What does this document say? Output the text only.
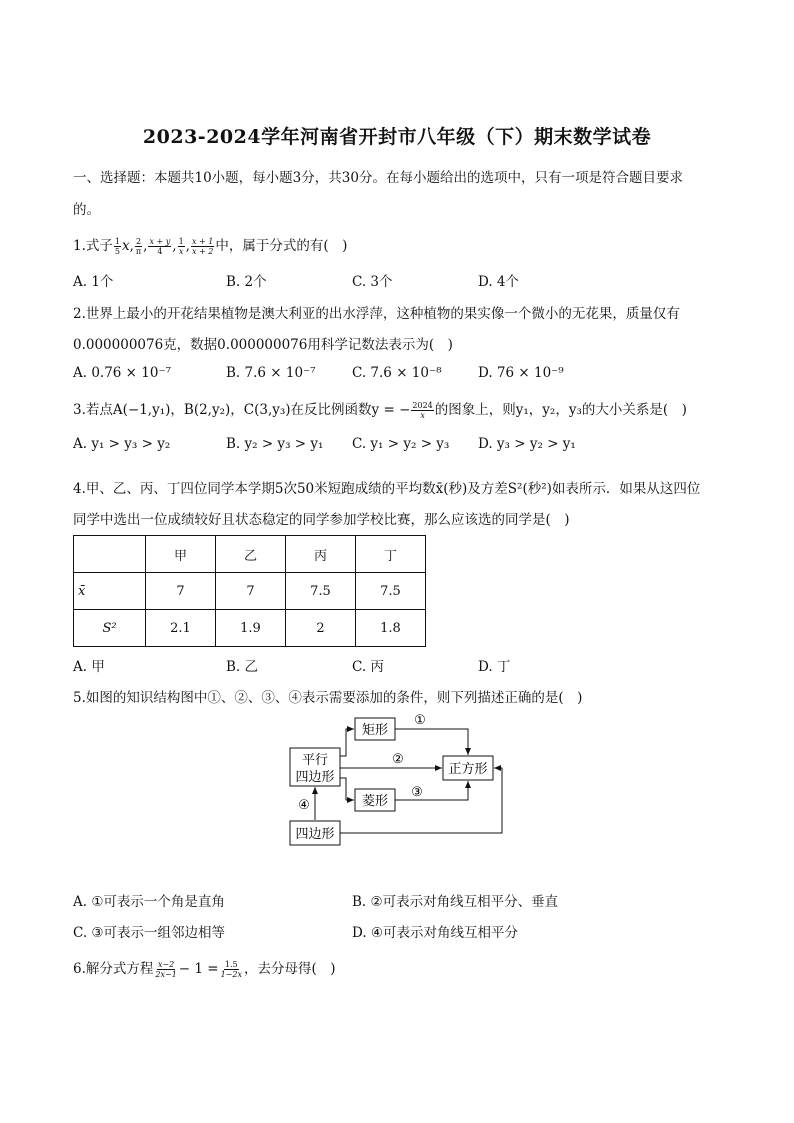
2023-2024学年河南省开封市八年级（下）期末数学试卷
一、选择题：本题共10小题，每小题3分，共30分。在每小题给出的选项中，只有一项是符合题目要求
的。
1.式子 $\frac{1}{5} x$, $\frac{2}{\pi}$ , $\frac{x + y}{4}$ , $\frac{1}{x}$ , $\frac{x + 1}{x + 2}$ 中，属于分式的有(　)
A. 1个	B. 2个	C. 3个	D. 4个
2.世界上最小的开花结果植物是澳大利亚的出水浮萍，这种植物的果实像一个微小的无花果，质量仅有
0.000000076克，数据0.000000076用科学记数法表示为(　)
A. 0.76 × 10⁻⁷	B. 7.6 × 10⁻⁷	C. 7.6 × 10⁻⁸	D. 76 × 10⁻⁹
3.若点A(−1,y₁)，B(2,y₂)，C(3,y₃)在反比例函数y = − $\frac{2024}{x}$ 的图象上，则y₁，y₂，y₃的大小关系是(　)
A. y₁ > y₃ > y₂	B. y₂ > y₃ > y₁ C. y₁ > y₂ > y₃ D. y₃ > y₂ > y₁
4.甲、乙、丙、丁四位同学本学期5次50米短跑成绩的平均数x̄(秒)及方差S²(秒²)如表所示．如果从这四位
同学中选出一位成绩较好且状态稳定的同学参加学校比赛，那么应该选的同学是(　)
	甲	乙	丙	丁
x̄	7	7	7.5	7.5
S²	2.1	1.9	2	1.8
A. 甲	B. 乙	C. 丙	D. 丁
5.如图的知识结构图中①、②、③、④表示需要添加的条件，则下列描述正确的是(　)
平行
四边形
矩形
菱形
正方形
四边形
①
②
③
④
A. ①可表示一个角是直角	B. ②可表示对角线互相平分、垂直
C. ③可表示一组邻边相等	D. ④可表示对角线互相平分
6.解分式方程 $\frac{x-2}{2x-1} - 1 = \frac{1.5}{1-2x}$ ，去分母得(　)
